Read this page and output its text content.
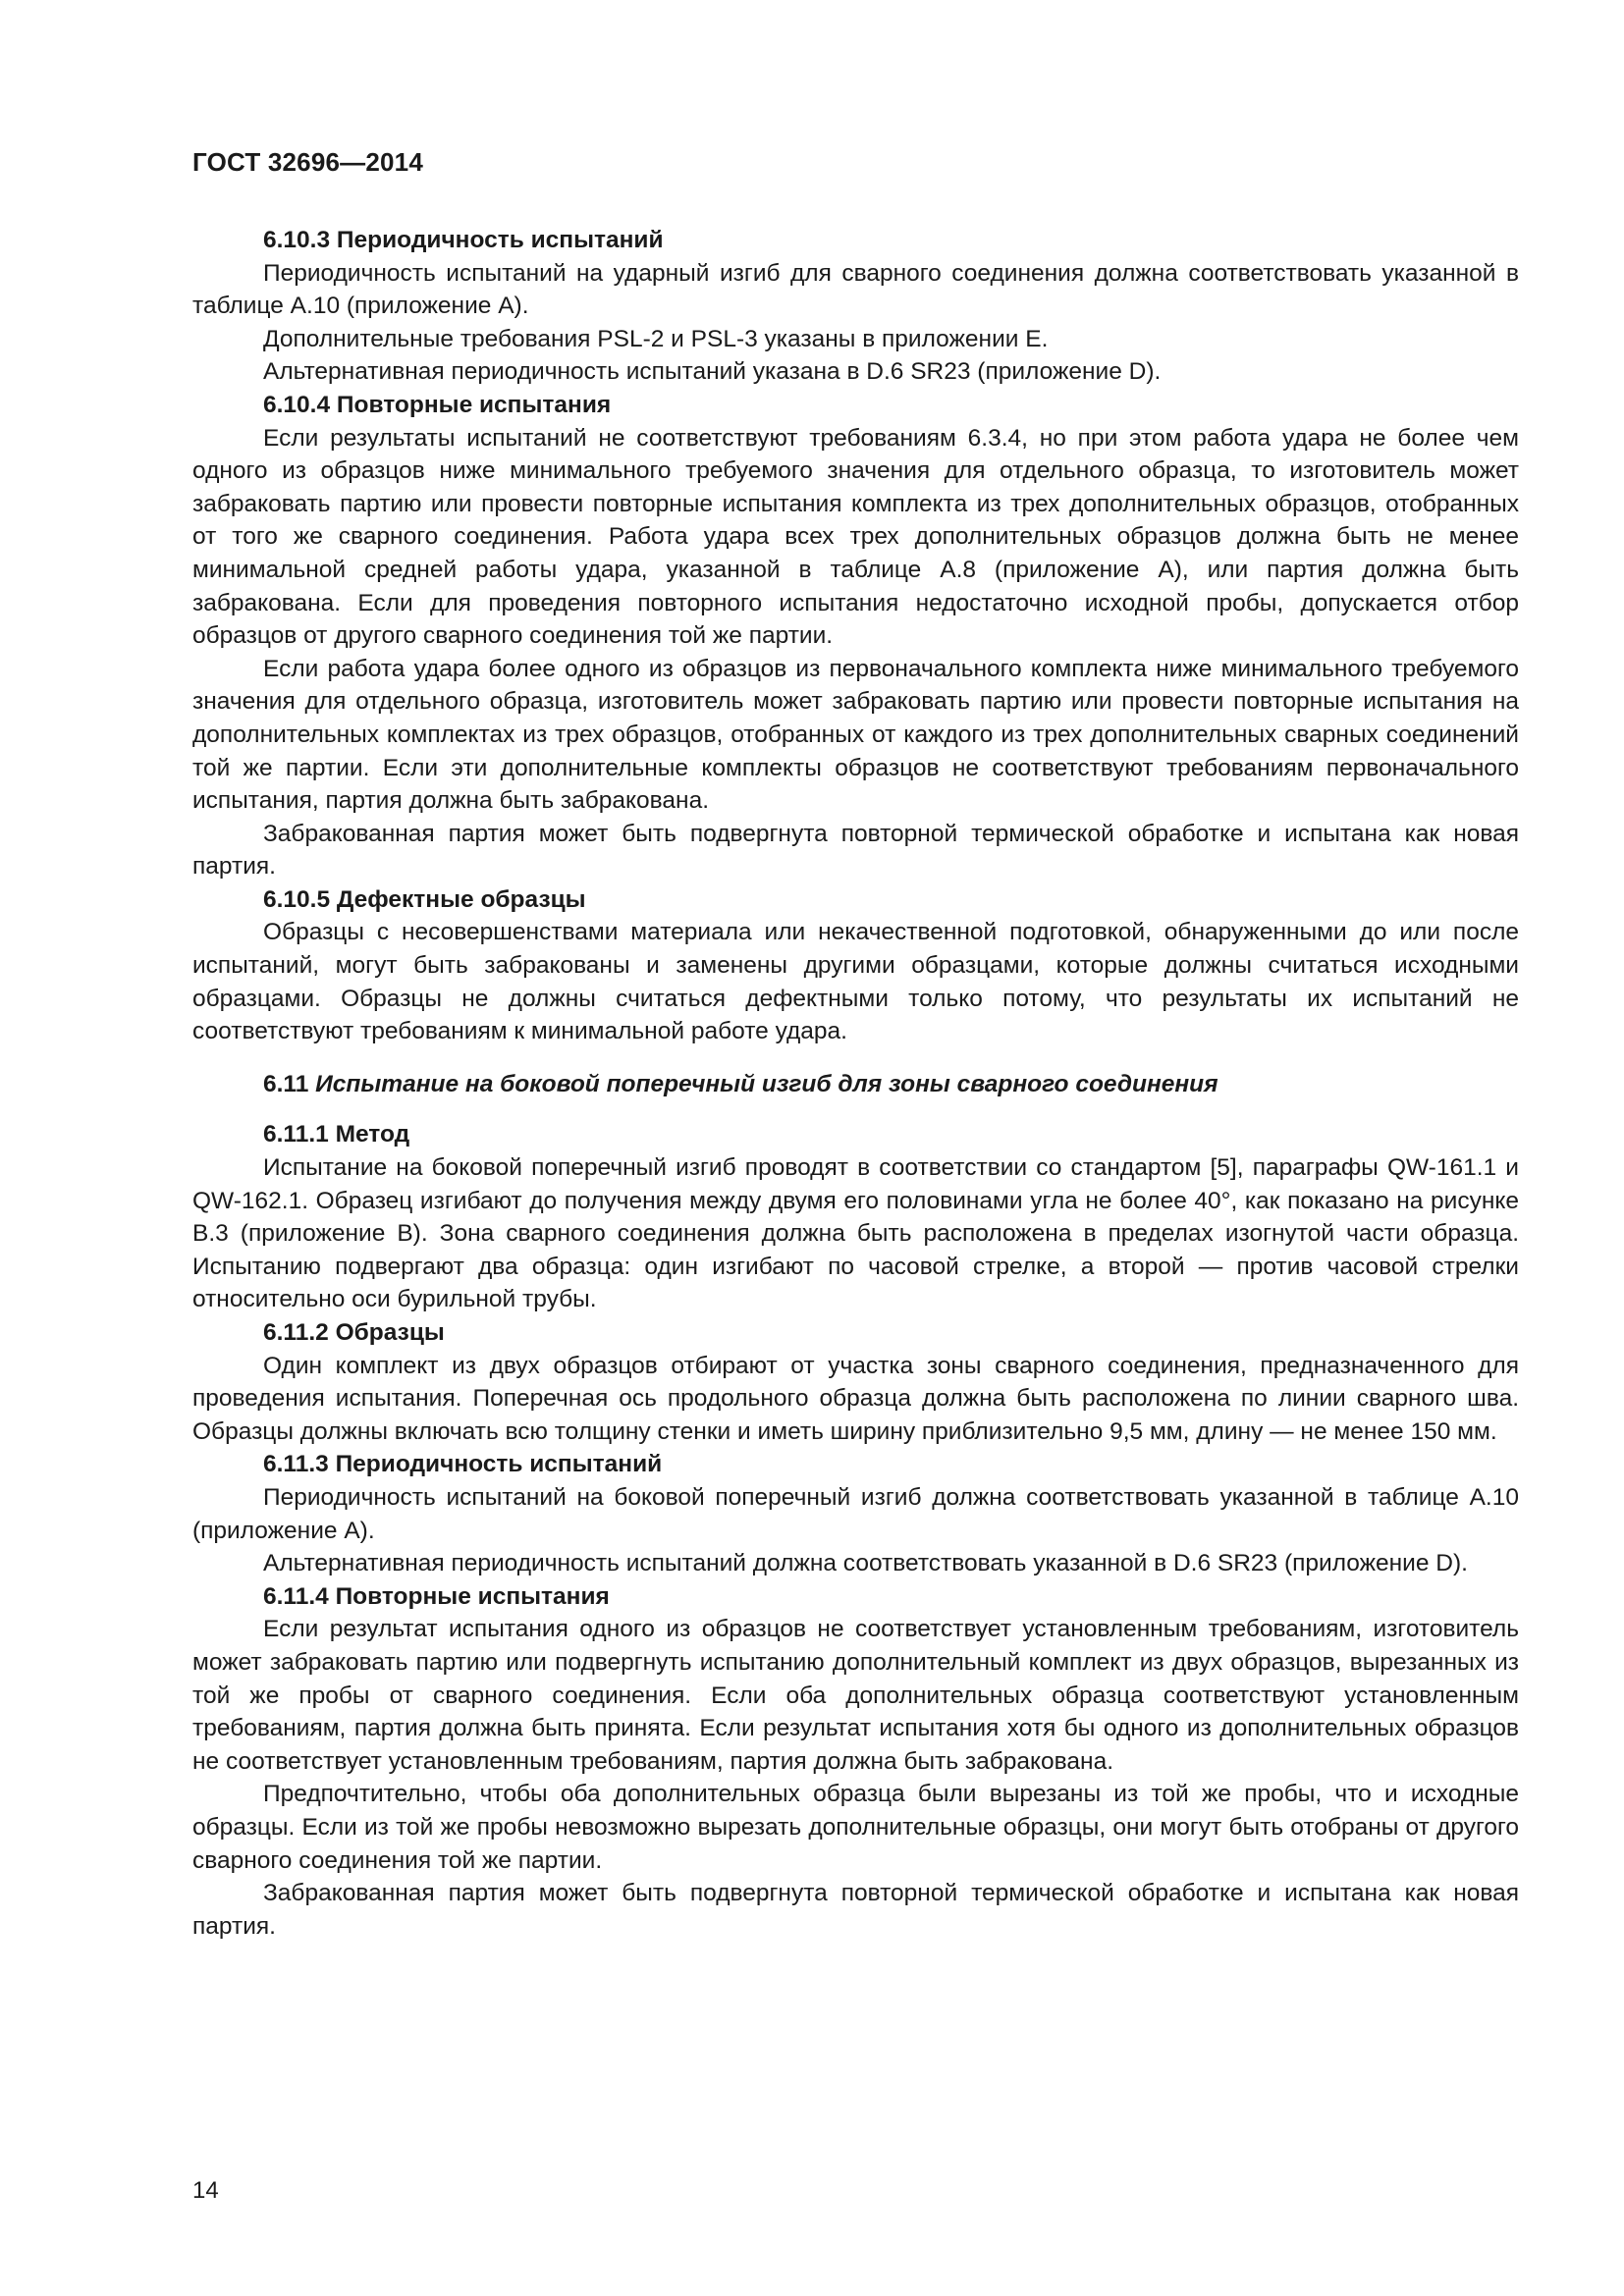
ГОСТ 32696—2014
6.10.3 Периодичность испытаний

Периодичность испытаний на ударный изгиб для сварного соединения должна соответствовать указанной в таблице А.10 (приложение А).

Дополнительные требования PSL-2 и PSL-3 указаны в приложении Е.

Альтернативная периодичность испытаний указана в D.6 SR23 (приложение D).

6.10.4 Повторные испытания

Если результаты испытаний не соответствуют требованиям 6.3.4, но при этом работа удара не более чем одного из образцов ниже минимального требуемого значения для отдельного образца, то изготовитель может забраковать партию или провести повторные испытания комплекта из трех дополнительных образцов, отобранных от того же сварного соединения. Работа удара всех трех дополнительных образцов должна быть не менее минимальной средней работы удара, указанной в таблице А.8 (приложение А), или партия должна быть забракована. Если для проведения повторного испытания недостаточно исходной пробы, допускается отбор образцов от другого сварного соединения той же партии.

Если работа удара более одного из образцов из первоначального комплекта ниже минимального требуемого значения для отдельного образца, изготовитель может забраковать партию или провести повторные испытания на дополнительных комплектах из трех образцов, отобранных от каждого из трех дополнительных сварных соединений той же партии. Если эти дополнительные комплекты образцов не соответствуют требованиям первоначального испытания, партия должна быть забракована.

Забракованная партия может быть подвергнута повторной термической обработке и испытана как новая партия.

6.10.5 Дефектные образцы

Образцы с несовершенствами материала или некачественной подготовкой, обнаруженными до или после испытаний, могут быть забракованы и заменены другими образцами, которые должны считаться исходными образцами. Образцы не должны считаться дефектными только потому, что результаты их испытаний не соответствуют требованиям к минимальной работе удара.

6.11 Испытание на боковой поперечный изгиб для зоны сварного соединения
6.11.1 Метод

Испытание на боковой поперечный изгиб проводят в соответствии со стандартом [5], параграфы QW-161.1 и QW-162.1. Образец изгибают до получения между двумя его половинами угла не более 40°, как показано на рисунке В.3 (приложение В). Зона сварного соединения должна быть расположена в пределах изогнутой части образца. Испытанию подвергают два образца: один изгибают по часовой стрелке, а второй — против часовой стрелки относительно оси бурильной трубы.

6.11.2 Образцы

Один комплект из двух образцов отбирают от участка зоны сварного соединения, предназначенного для проведения испытания. Поперечная ось продольного образца должна быть расположена по линии сварного шва. Образцы должны включать всю толщину стенки и иметь ширину приблизительно 9,5 мм, длину — не менее 150 мм.

6.11.3 Периодичность испытаний

Периодичность испытаний на боковой поперечный изгиб должна соответствовать указанной в таблице А.10 (приложение А).

Альтернативная периодичность испытаний должна соответствовать указанной в D.6 SR23 (приложение D).

6.11.4 Повторные испытания

Если результат испытания одного из образцов не соответствует установленным требованиям, изготовитель может забраковать партию или подвергнуть испытанию дополнительный комплект из двух образцов, вырезанных из той же пробы от сварного соединения. Если оба дополнительных образца соответствуют установленным требованиям, партия должна быть принята. Если результат испытания хотя бы одного из дополнительных образцов не соответствует установленным требованиям, партия должна быть забракована.

Предпочтительно, чтобы оба дополнительных образца были вырезаны из той же пробы, что и исходные образцы. Если из той же пробы невозможно вырезать дополнительные образцы, они могут быть отобраны от другого сварного соединения той же партии.

Забракованная партия может быть подвергнута повторной термической обработке и испытана как новая партия.

14
